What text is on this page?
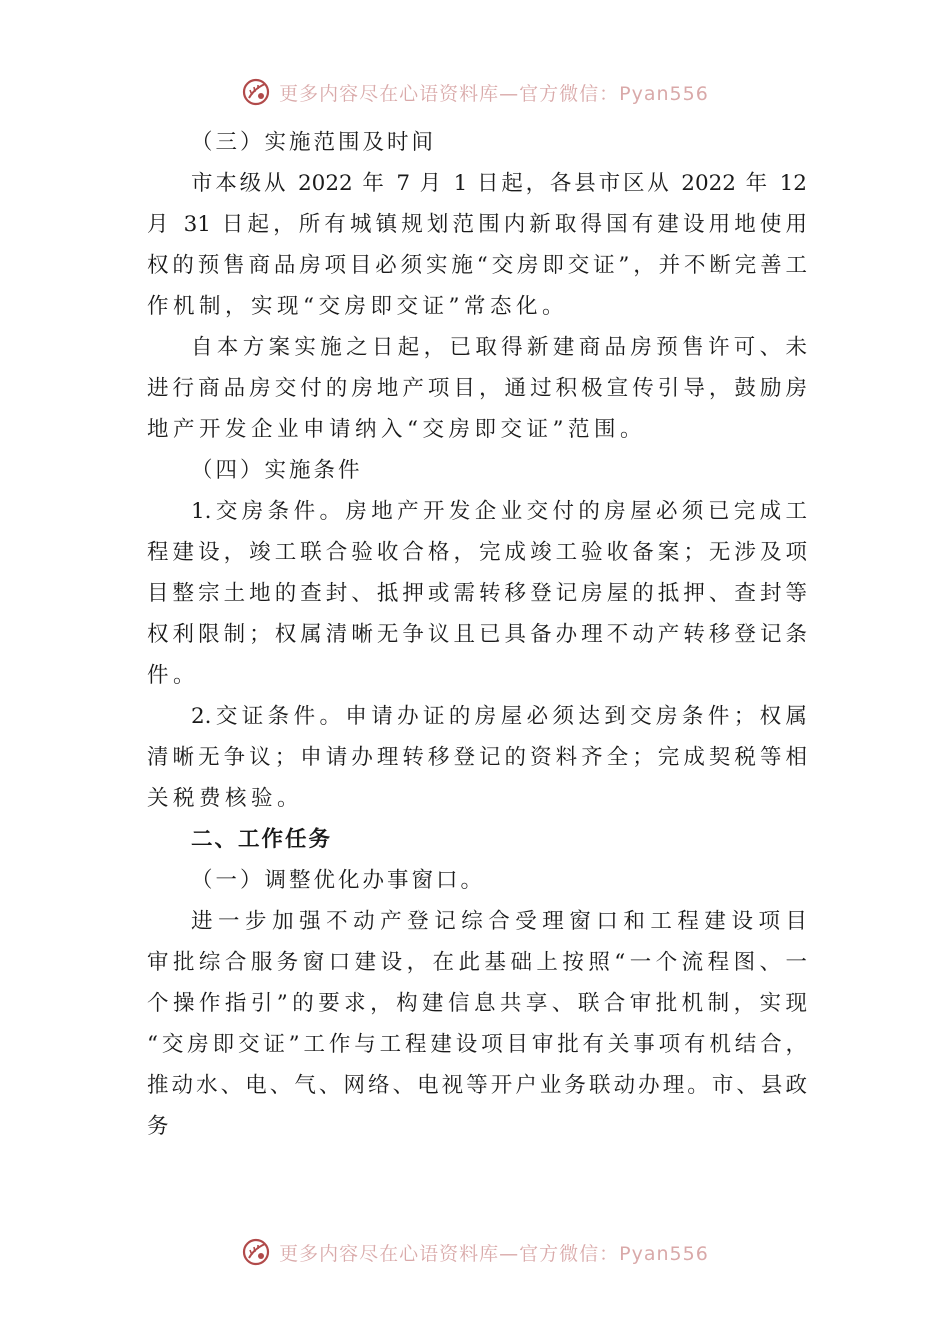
更多内容尽在心语资料库—官方微信：Pyan556
（三）实施范围及时间
市本级从 2022 年 7 月 1 日起，各县市区从 2022 年 12
月 31 日起，所有城镇规划范围内新取得国有建设用地使用
权的预售商品房项目必须实施“交房即交证”，并不断完善工
作机制，实现“交房即交证”常态化。
自本方案实施之日起，已取得新建商品房预售许可、未
进行商品房交付的房地产项目，通过积极宣传引导，鼓励房
地产开发企业申请纳入“交房即交证”范围。
（四）实施条件
1.交房条件。房地产开发企业交付的房屋必须已完成工
程建设，竣工联合验收合格，完成竣工验收备案；无涉及项
目整宗土地的查封、抵押或需转移登记房屋的抵押、查封等
权利限制；权属清晰无争议且已具备办理不动产转移登记条
件。
2.交证条件。申请办证的房屋必须达到交房条件；权属
清晰无争议；申请办理转移登记的资料齐全；完成契税等相
关税费核验。
二、工作任务
（一）调整优化办事窗口。
进一步加强不动产登记综合受理窗口和工程建设项目
审批综合服务窗口建设，在此基础上按照“一个流程图、一
个操作指引”的要求，构建信息共享、联合审批机制，实现
“交房即交证”工作与工程建设项目审批有关事项有机结合，
推动水、电、气、网络、电视等开户业务联动办理。市、县政
务
更多内容尽在心语资料库—官方微信：Pyan556
